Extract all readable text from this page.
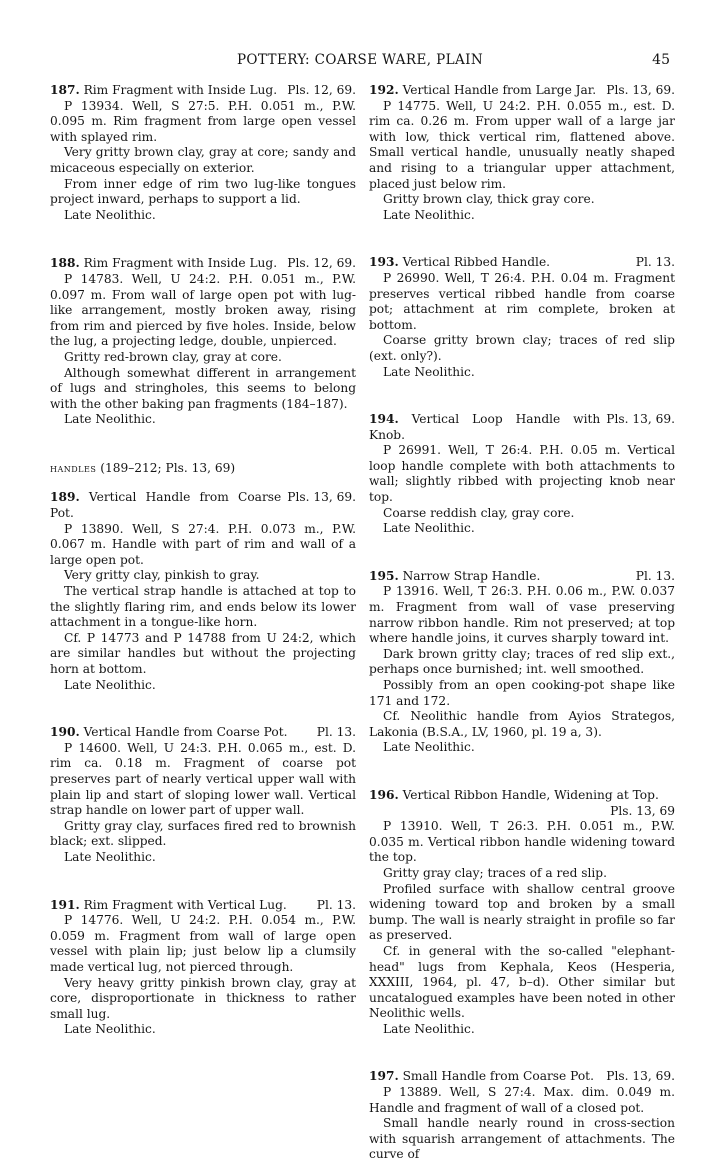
POTTERY: COARSE WARE, PLAIN	45

187. Rim Fragment with Inside Lug. Pls. 12, 69.

P 13934. Well, S 27:5. P.H. 0.051 m., P.W. 0.095 m. Rim fragment from large open vessel with splayed rim.

Very gritty brown clay, gray at core; sandy and micaceous especially on exterior.

From inner edge of rim two lug-like tongues project inward, perhaps to support a lid.

Late Neolithic.

188. Rim Fragment with Inside Lug. Pls. 12, 69.

P 14783. Well, U 24:2. P.H. 0.051 m., P.W. 0.097 m. From wall of large open pot with lug-like arrangement, mostly broken away, rising from rim and pierced by five holes. Inside, below the lug, a projecting ledge, double, unpierced.

Gritty red-brown clay, gray at core.

Although somewhat different in arrangement of lugs and stringholes, this seems to belong with the other baking pan fragments (184–187).

Late Neolithic.

handles (189–212; Pls. 13, 69)

189. Vertical Handle from Coarse Pot.
Pls. 13, 69.

P 13890. Well, S 27:4. P.H. 0.073 m., P.W. 0.067 m. Handle with part of rim and wall of a large open pot.

Very gritty clay, pinkish to gray.

The vertical strap handle is attached at top to the slightly flaring rim, and ends below its lower attachment in a tongue-like horn.

Cf. P 14773 and P 14788 from U 24:2, which are similar handles but without the projecting horn at bottom.

Late Neolithic.

190. Vertical Handle from Coarse Pot. Pl. 13.

P 14600. Well, U 24:3. P.H. 0.065 m., est. D. rim ca. 0.18 m. Fragment of coarse pot preserves part of nearly vertical upper wall with plain lip and start of sloping lower wall. Vertical strap handle on lower part of upper wall.

Gritty gray clay, surfaces fired red to brownish black; ext. slipped.

Late Neolithic.

191. Rim Fragment with Vertical Lug. Pl. 13.

P 14776. Well, U 24:2. P.H. 0.054 m., P.W. 0.059 m. Fragment from wall of large open vessel with plain lip; just below lip a clumsily made vertical lug, not pierced through.

Very heavy gritty pinkish brown clay, gray at core, disproportionate in thickness to rather small lug.

Late Neolithic.

192. Vertical Handle from Large Jar. Pls. 13, 69.

P 14775. Well, U 24:2. P.H. 0.055 m., est. D. rim ca. 0.26 m. From upper wall of a large jar with low, thick vertical rim, flattened above. Small vertical handle, unusually neatly shaped and rising to a triangular upper attachment, placed just below rim.

Gritty brown clay, thick gray core.

Late Neolithic.

193. Vertical Ribbed Handle.	Pl. 13.

P 26990. Well, T 26:4. P.H. 0.04 m. Fragment preserves vertical ribbed handle from coarse pot; attachment at rim complete, broken at bottom.

Coarse gritty brown clay; traces of red slip (ext. only?).

Late Neolithic.

194. Vertical Loop Handle with Knob.
Pls. 13, 69.

P 26991. Well, T 26:4. P.H. 0.05 m. Vertical loop handle complete with both attachments to wall; slightly ribbed with projecting knob near top.

Coarse reddish clay, gray core.

Late Neolithic.

195. Narrow Strap Handle.	Pl. 13.

P 13916. Well, T 26:3. P.H. 0.06 m., P.W. 0.037 m. Fragment from wall of vase preserving narrow ribbon handle. Rim not preserved; at top where handle joins, it curves sharply toward int.

Dark brown gritty clay; traces of red slip ext., perhaps once burnished; int. well smoothed.

Possibly from an open cooking-pot shape like 171 and 172.

Cf. Neolithic handle from Ayios Strategos, Lakonia (B.S.A., LV, 1960, pl. 19 a, 3).

Late Neolithic.

196. Vertical Ribbon Handle, Widening at Top.

Pls. 13, 69

P 13910. Well, T 26:3. P.H. 0.051 m., P.W. 0.035 m. Vertical ribbon handle widening toward the top.

Gritty gray clay; traces of a red slip.

Profiled surface with shallow central groove widening toward top and broken by a small bump. The wall is nearly straight in profile so far as preserved.

Cf. in general with the so-called "elephant-head" lugs from Kephala, Keos (Hesperia, XXXIII, 1964, pl. 47, b–d). Other similar but uncatalogued examples have been noted in other Neolithic wells.

Late Neolithic.

197. Small Handle from Coarse Pot. Pls. 13, 69.

P 13889. Well, S 27:4. Max. dim. 0.049 m. Handle and fragment of wall of a closed pot.

Small handle nearly round in cross-section with squarish arrangement of attachments. The curve of
